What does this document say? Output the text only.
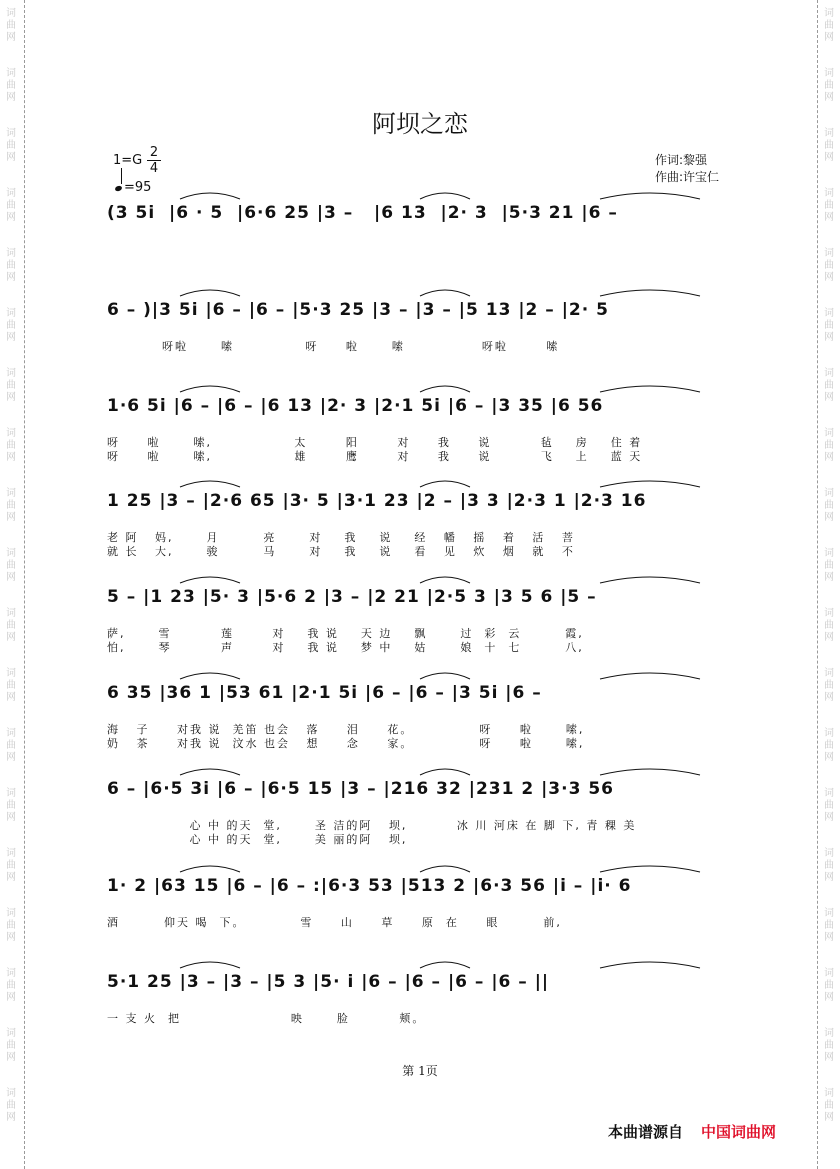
词曲网
词曲网
词曲网
词曲网
词曲网
词曲网
词曲网
词曲网
词曲网
词曲网
词曲网
词曲网
词曲网
词曲网
词曲网
词曲网
词曲网
词曲网
词曲网
词曲网
词曲网
词曲网
词曲网
词曲网
词曲网
词曲网
词曲网
词曲网
词曲网
词曲网
词曲网
词曲网
词曲网
词曲网
词曲网
词曲网
词曲网
词曲网
阿坝之恋
1=G
2
4
=95
作词:黎强
作曲:许宝仁
(3 5i  |6 · 5  |6·6 25 |3 –   |6 13  |2· 3  |5·3 21 |6 –
6 – )|3 5i |6 – |6 – |5·3 25 |3 – |3 – |5 13 |2 – |2· 5
呀啦      嗦             呀     啦      嗦              呀啦       嗦
1·6 5i |6 – |6 – |6 13 |2· 3 |2·1 5i |6 – |3 35 |6 56
呀     啦      嗦,               太       阳       对     我     说         毡    房    住 着
呀     啦      嗦,               雄       鹰       对     我     说         飞    上    蓝 天
1 25 |3 – |2·6 65 |3· 5 |3·1 23 |2 – |3 3 |2·3 1 |2·3 16
老 阿   妈,      月        亮      对    我    说    经   幡   摇   着   活   菩
就 长   大,      骏        马      对    我    说    看   见   炊   烟   就   不
5 – |1 23 |5· 3 |5·6 2 |3 – |2 21 |2·5 3 |3 5 6 |5 –
萨,      雪         莲       对    我 说    天 边    飘      过  彩  云        霞,
怕,      琴         声       对    我 说    梦 中    姑      娘  十  七        八,
6 35 |36 1 |53 61 |2·1 5i |6 – |6 – |3 5i |6 –
海   子     对我 说  羌笛 也会   落     泪     花。            呀     啦      嗦,
奶   茶     对我 说  汶水 也会   想     念     家。            呀     啦      嗦,
6 – |6·5 3i |6 – |6·5 15 |3 – |216 32 |231 2 |3·3 56
心 中 的天  堂,      圣 洁的阿   坝,         冰 川 河床 在 脚 下, 青 稞 美
心 中 的天  堂,      美 丽的阿   坝,
1· 2 |63 15 |6 – |6 – :|6·3 53 |513 2 |6·3 56 |i – |i· 6
酒        仰天 喝  下。          雪     山     草     原  在     眼        前,
5·1 25 |3 – |3 – |5 3 |5· i |6 – |6 – |6 – |6 – ||
一 支 火  把                    映      脸         颊。
第 1页
本曲谱源自 中国词曲网
